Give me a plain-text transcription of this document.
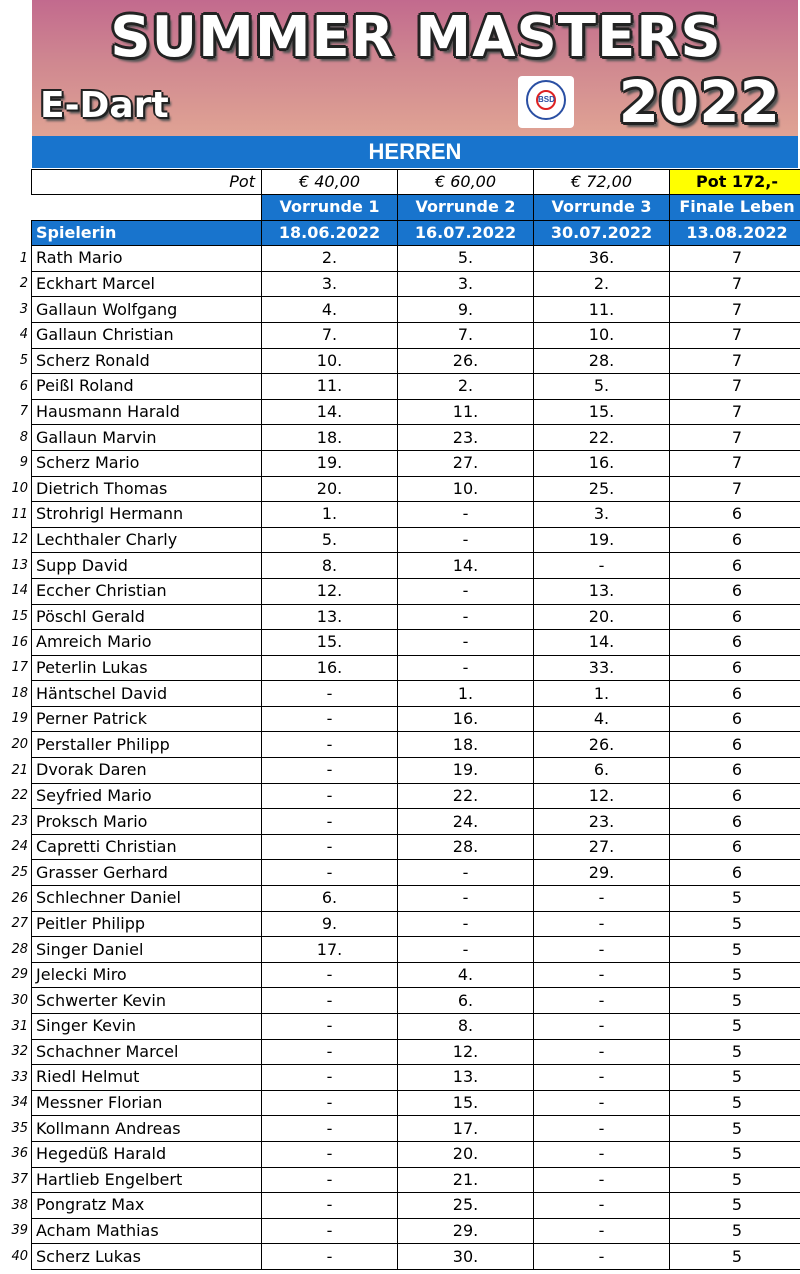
SUMMER MASTERS
E-Dart	BSD 2022
HERREN
Pot	€ 40,00	€ 60,00	€ 72,00	Pot 172,-
	Vorrunde 1	Vorrunde 2	Vorrunde 3	Finale Leben
Spielerin	18.06.2022	16.07.2022	30.07.2022	13.08.2022
Rath Mario	2.	5.	36.	7
Eckhart Marcel	3.	3.	2.	7
Gallaun Wolfgang	4.	9.	11.	7
Gallaun Christian	7.	7.	10.	7
Scherz Ronald	10.	26.	28.	7
Peißl Roland	11.	2.	5.	7
Hausmann Harald	14.	11.	15.	7
Gallaun Marvin	18.	23.	22.	7
Scherz Mario	19.	27.	16.	7
Dietrich Thomas	20.	10.	25.	7
Strohrigl Hermann	1.	-	3.	6
Lechthaler Charly	5.	-	19.	6
Supp David	8.	14.	-	6
Eccher Christian	12.	-	13.	6
Pöschl Gerald	13.	-	20.	6
Amreich Mario	15.	-	14.	6
Peterlin Lukas	16.	-	33.	6
Häntschel David	-	1.	1.	6
Perner Patrick	-	16.	4.	6
Perstaller Philipp	-	18.	26.	6
Dvorak Daren	-	19.	6.	6
Seyfried Mario	-	22.	12.	6
Proksch Mario	-	24.	23.	6
Capretti Christian	-	28.	27.	6
Grasser Gerhard	-	-	29.	6
Schlechner Daniel	6.	-	-	5
Peitler Philipp	9.	-	-	5
Singer Daniel	17.	-	-	5
Jelecki Miro	-	4.	-	5
Schwerter Kevin	-	6.	-	5
Singer Kevin	-	8.	-	5
Schachner Marcel	-	12.	-	5
Riedl Helmut	-	13.	-	5
Messner Florian	-	15.	-	5
Kollmann Andreas	-	17.	-	5
Hegedüß Harald	-	20.	-	5
Hartlieb Engelbert	-	21.	-	5
Pongratz Max	-	25.	-	5
Acham Mathias	-	29.	-	5
Scherz Lukas	-	30.	-	5
1
2
3
4
5
6
7
8
9
10
11
12
13
14
15
16
17
18
19
20
21
22
23
24
25
26
27
28
29
30
31
32
33
34
35
36
37
38
39
40
